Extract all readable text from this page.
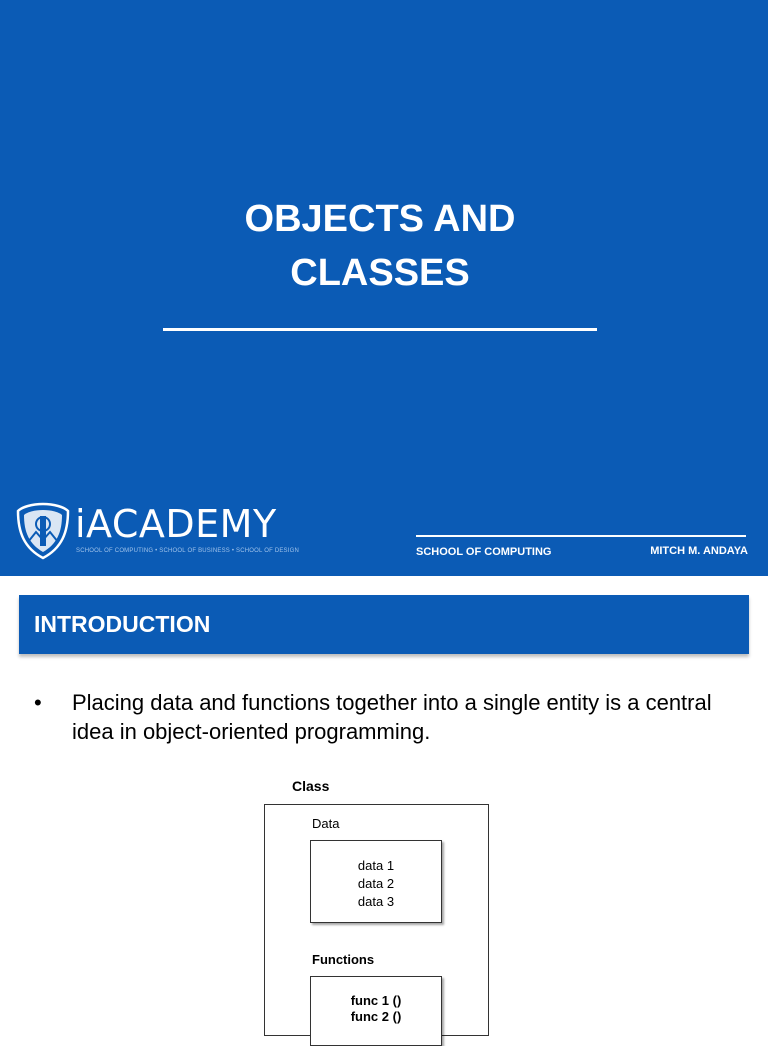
OBJECTS AND
CLASSES
iACADEMY
SCHOOL OF COMPUTING • SCHOOL OF BUSINESS • SCHOOL OF DESIGN	SCHOOL OF COMPUTING	MITCH M. ANDAYA
INTRODUCTION
• Placing data and functions together into a single entity is a central idea in object-oriented programming.
Class
Data
data 1
data 2
data 3
Functions
func 1 ()
func 2 ()
